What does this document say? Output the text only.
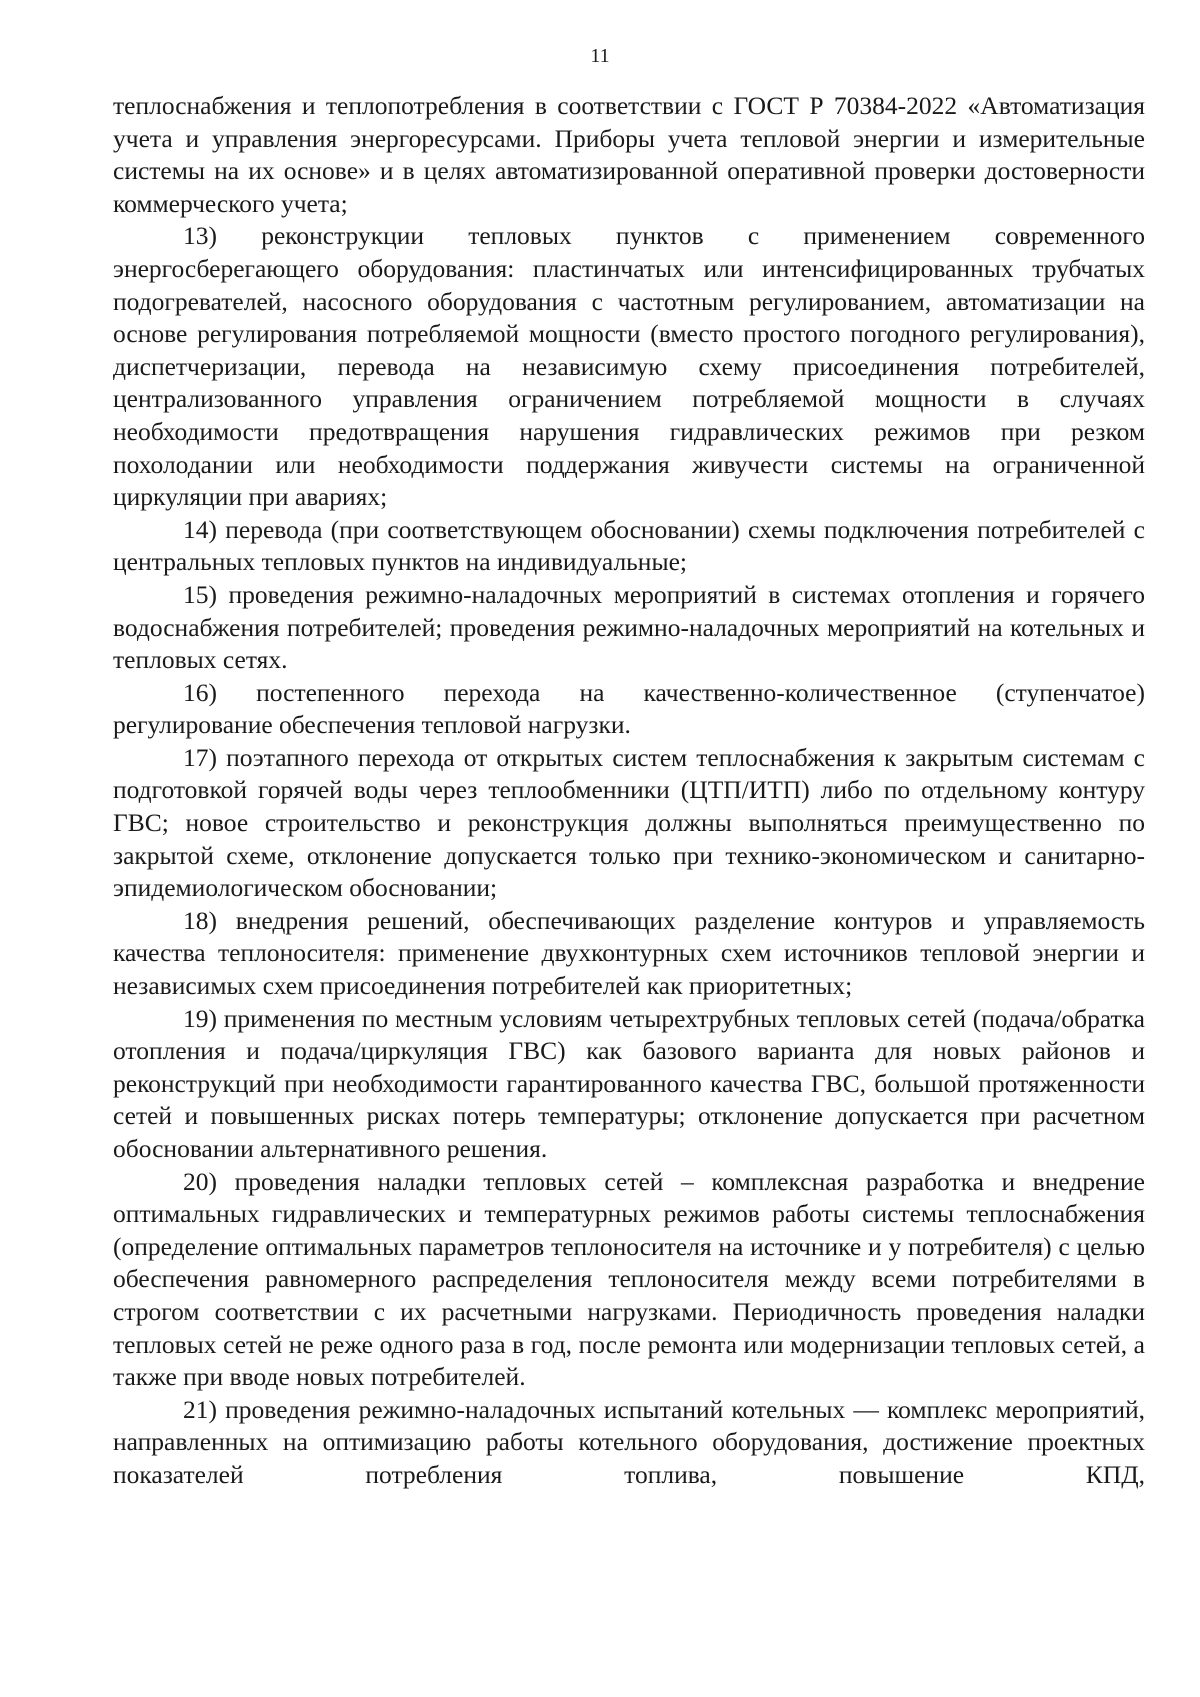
11

теплоснабжения и теплопотребления в соответствии с ГОСТ Р 70384-2022 «Автоматизация учета и управления энергоресурсами. Приборы учета тепловой энергии и измерительные системы на их основе» и в целях автоматизированной оперативной проверки достоверности коммерческого учета;

13) реконструкции тепловых пунктов с применением современного энергосберегающего оборудования: пластинчатых или интенсифицированных трубчатых подогревателей, насосного оборудования с частотным регулированием, автоматизации на основе регулирования потребляемой мощности (вместо простого погодного регулирования), диспетчеризации, перевода на независимую схему присоединения потребителей, централизованного управления ограничением потребляемой мощности в случаях необходимости предотвращения нарушения гидравлических режимов при резком похолодании или необходимости поддержания живучести системы на ограниченной циркуляции при авариях;

14) перевода (при соответствующем обосновании) схемы подключения потребителей с центральных тепловых пунктов на индивидуальные;

15) проведения режимно-наладочных мероприятий в системах отопления и горячего водоснабжения потребителей; проведения режимно-наладочных мероприятий на котельных и тепловых сетях.

16) постепенного перехода на качественно-количественное (ступенчатое) регулирование обеспечения тепловой нагрузки.

17) поэтапного перехода от открытых систем теплоснабжения к закрытым системам с подготовкой горячей воды через теплообменники (ЦТП/ИТП) либо по отдельному контуру ГВС; новое строительство и реконструкция должны выполняться преимущественно по закрытой схеме, отклонение допускается только при технико-экономическом и санитарно-эпидемиологическом обосновании;

18) внедрения решений, обеспечивающих разделение контуров и управляемость качества теплоносителя: применение двухконтурных схем источников тепловой энергии и независимых схем присоединения потребителей как приоритетных;

19) применения по местным условиям четырехтрубных тепловых сетей (подача/обратка отопления и подача/циркуляция ГВС) как базового варианта для новых районов и реконструкций при необходимости гарантированного качества ГВС, большой протяженности сетей и повышенных рисках потерь температуры; отклонение допускается при расчетном обосновании альтернативного решения.

20) проведения наладки тепловых сетей – комплексная разработка и внедрение оптимальных гидравлических и температурных режимов работы системы теплоснабжения (определение оптимальных параметров теплоносителя на источнике и у потребителя) с целью обеспечения равномерного распределения теплоносителя между всеми потребителями в строгом соответствии с их расчетными нагрузками. Периодичность проведения наладки тепловых сетей не реже одного раза в год, после ремонта или модернизации тепловых сетей, а также при вводе новых потребителей.

21) проведения режимно-наладочных испытаний котельных — комплекс мероприятий, направленных на оптимизацию работы котельного оборудования, достижение проектных показателей потребления топлива, повышение КПД,
